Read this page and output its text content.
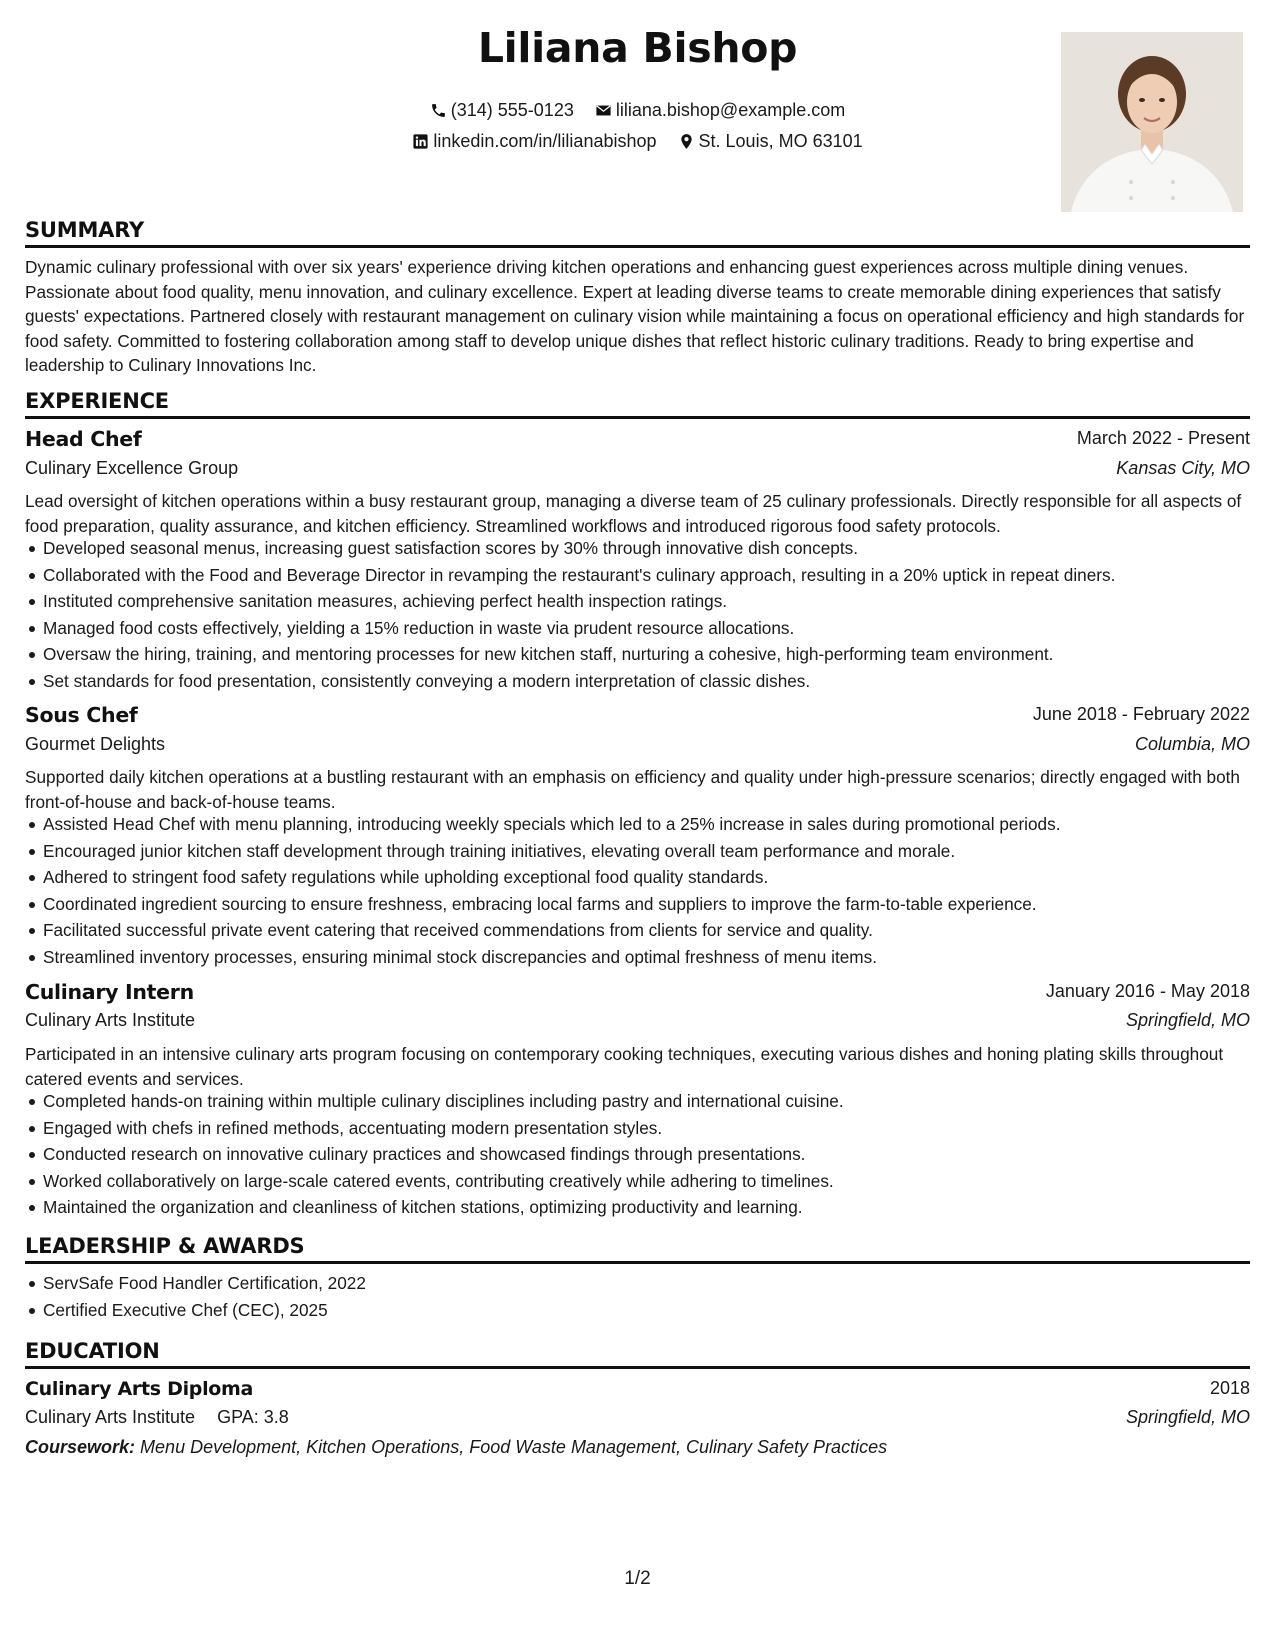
Liliana Bishop
(314) 555-0123
liliana.bishop@example.com
linkedin.com/in/lilianabishop
St. Louis, MO 63101
SUMMARY
Dynamic culinary professional with over six years' experience driving kitchen operations and enhancing guest experiences across multiple dining venues. Passionate about food quality, menu innovation, and culinary excellence. Expert at leading diverse teams to create memorable dining experiences that satisfy guests' expectations. Partnered closely with restaurant management on culinary vision while maintaining a focus on operational efficiency and high standards for food safety. Committed to fostering collaboration among staff to develop unique dishes that reflect historic culinary traditions. Ready to bring expertise and leadership to Culinary Innovations Inc.
EXPERIENCE
Head Chef	March 2022 - Present
Culinary Excellence Group	Kansas City, MO
Lead oversight of kitchen operations within a busy restaurant group, managing a diverse team of 25 culinary professionals. Directly responsible for all aspects of food preparation, quality assurance, and kitchen efficiency. Streamlined workflows and introduced rigorous food safety protocols.
Developed seasonal menus, increasing guest satisfaction scores by 30% through innovative dish concepts.
Collaborated with the Food and Beverage Director in revamping the restaurant's culinary approach, resulting in a 20% uptick in repeat diners.
Instituted comprehensive sanitation measures, achieving perfect health inspection ratings.
Managed food costs effectively, yielding a 15% reduction in waste via prudent resource allocations.
Oversaw the hiring, training, and mentoring processes for new kitchen staff, nurturing a cohesive, high-performing team environment.
Set standards for food presentation, consistently conveying a modern interpretation of classic dishes.
Sous Chef	June 2018 - February 2022
Gourmet Delights	Columbia, MO
Supported daily kitchen operations at a bustling restaurant with an emphasis on efficiency and quality under high-pressure scenarios; directly engaged with both front-of-house and back-of-house teams.
Assisted Head Chef with menu planning, introducing weekly specials which led to a 25% increase in sales during promotional periods.
Encouraged junior kitchen staff development through training initiatives, elevating overall team performance and morale.
Adhered to stringent food safety regulations while upholding exceptional food quality standards.
Coordinated ingredient sourcing to ensure freshness, embracing local farms and suppliers to improve the farm-to-table experience.
Facilitated successful private event catering that received commendations from clients for service and quality.
Streamlined inventory processes, ensuring minimal stock discrepancies and optimal freshness of menu items.
Culinary Intern	January 2016 - May 2018
Culinary Arts Institute	Springfield, MO
Participated in an intensive culinary arts program focusing on contemporary cooking techniques, executing various dishes and honing plating skills throughout catered events and services.
Completed hands-on training within multiple culinary disciplines including pastry and international cuisine.
Engaged with chefs in refined methods, accentuating modern presentation styles.
Conducted research on innovative culinary practices and showcased findings through presentations.
Worked collaboratively on large-scale catered events, contributing creatively while adhering to timelines.
Maintained the organization and cleanliness of kitchen stations, optimizing productivity and learning.
LEADERSHIP & AWARDS
ServSafe Food Handler Certification, 2022
Certified Executive Chef (CEC), 2025
EDUCATION
Culinary Arts Diploma	2018
Culinary Arts Institute GPA: 3.8	Springfield, MO
Coursework: Menu Development, Kitchen Operations, Food Waste Management, Culinary Safety Practices
1/2
